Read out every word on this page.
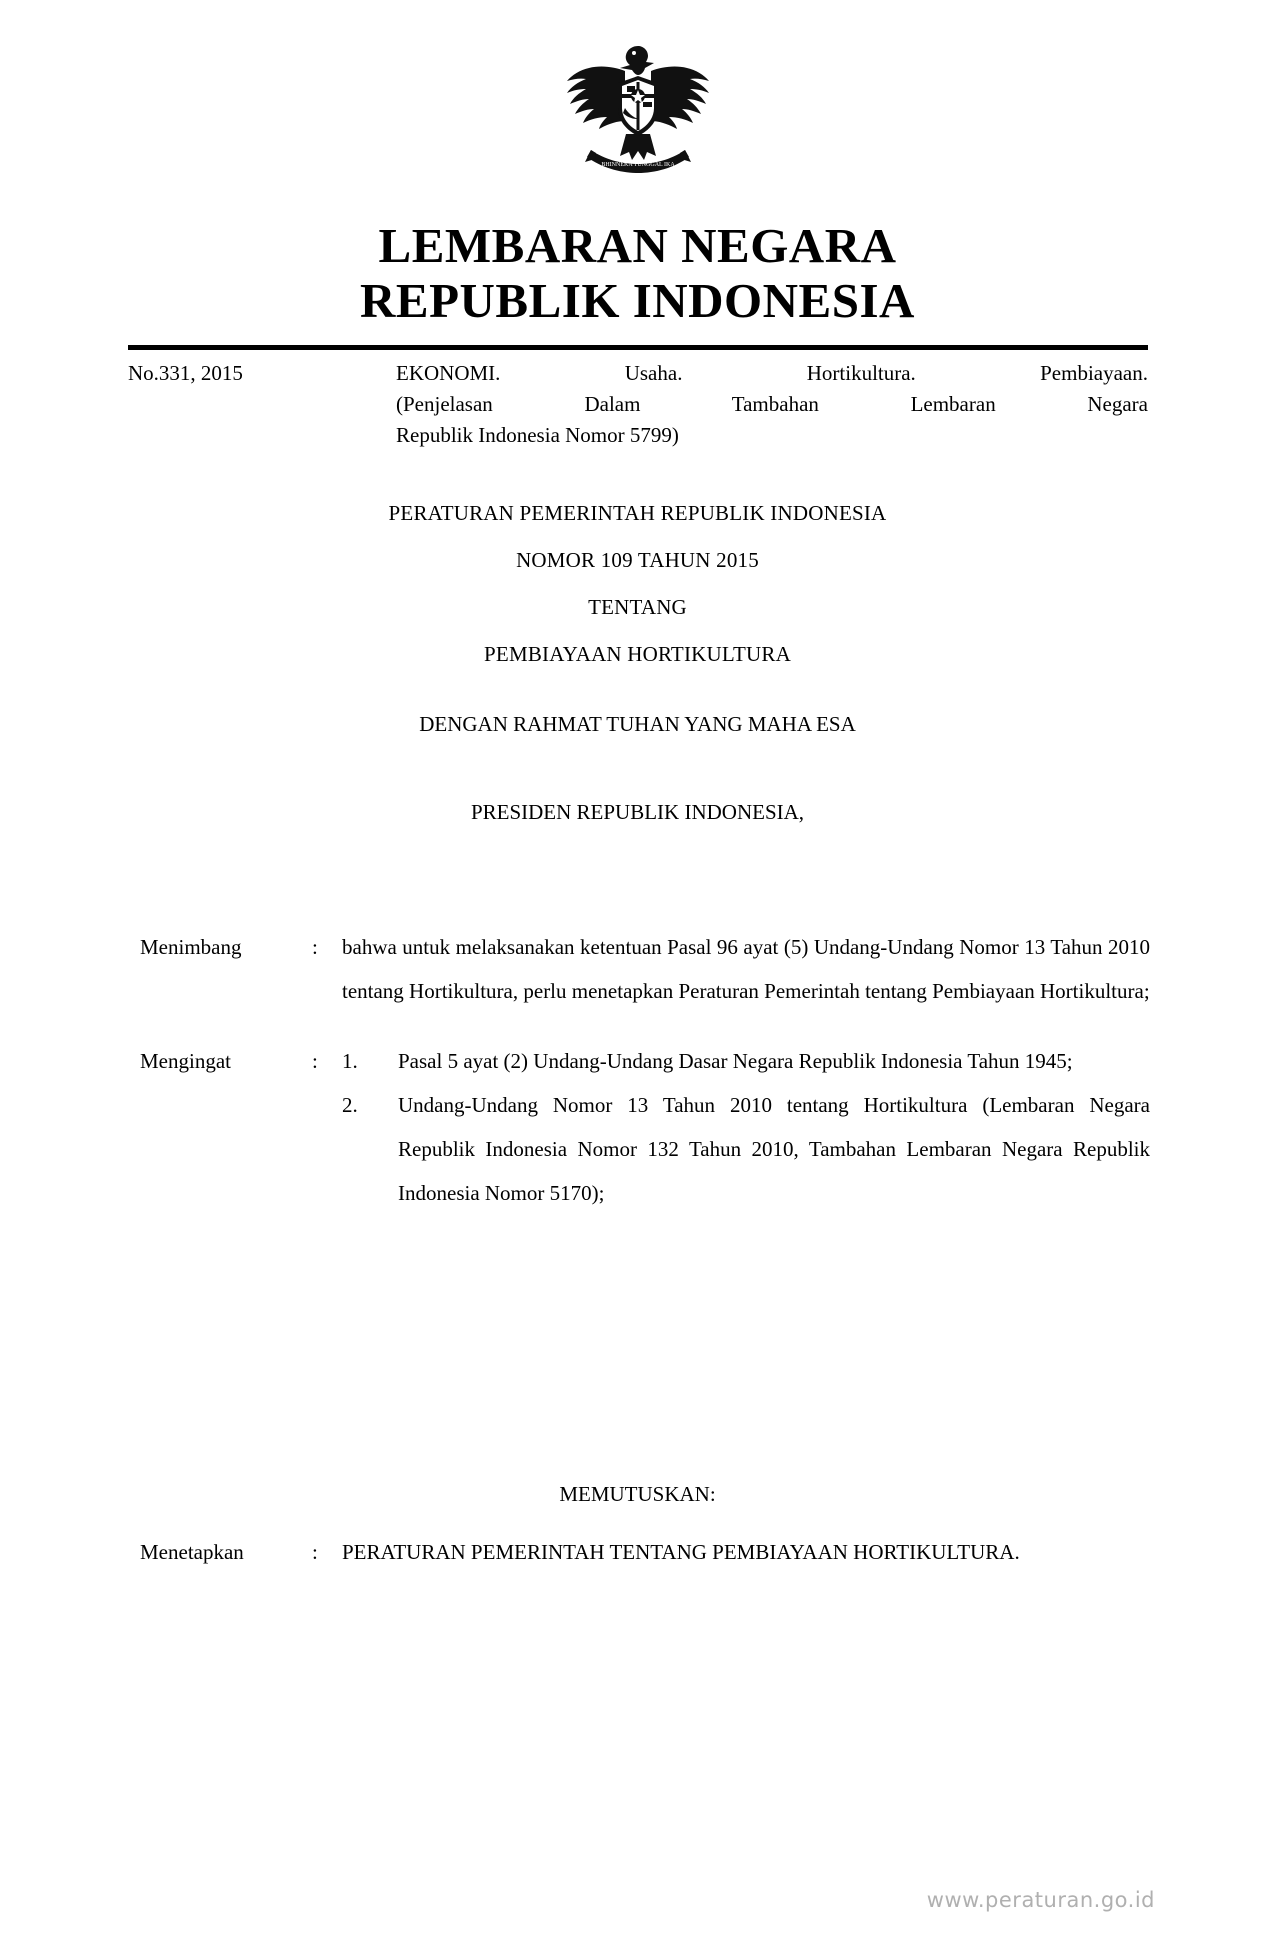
BHINNEKA TUNGGAL IKA
LEMBARAN NEGARA
REPUBLIK INDONESIA
No.331, 2015	EKONOMI. Usaha. Hortikultura. Pembiayaan.
(Penjelasan Dalam Tambahan Lembaran Negara
Republik Indonesia Nomor 5799)
PERATURAN PEMERINTAH REPUBLIK INDONESIA
NOMOR 109 TAHUN 2015
TENTANG
PEMBIAYAAN HORTIKULTURA
DENGAN RAHMAT TUHAN YANG MAHA ESA
PRESIDEN REPUBLIK INDONESIA,
Menimbang	:	bahwa untuk melaksanakan ketentuan Pasal 96 ayat (5) Undang-Undang Nomor 13 Tahun 2010 tentang Hortikultura, perlu menetapkan Peraturan Pemerintah tentang Pembiayaan Hortikultura;
Mengingat	:	1.	Pasal 5 ayat (2) Undang-Undang Dasar Negara Republik Indonesia Tahun 1945;
2.	Undang-Undang Nomor 13 Tahun 2010 tentang Hortikultura (Lembaran Negara Republik Indonesia Nomor 132 Tahun 2010, Tambahan Lembaran Negara Republik Indonesia Nomor 5170);
MEMUTUSKAN:
Menetapkan	:	PERATURAN PEMERINTAH TENTANG PEMBIAYAAN HORTIKULTURA.
www.peraturan.go.id
